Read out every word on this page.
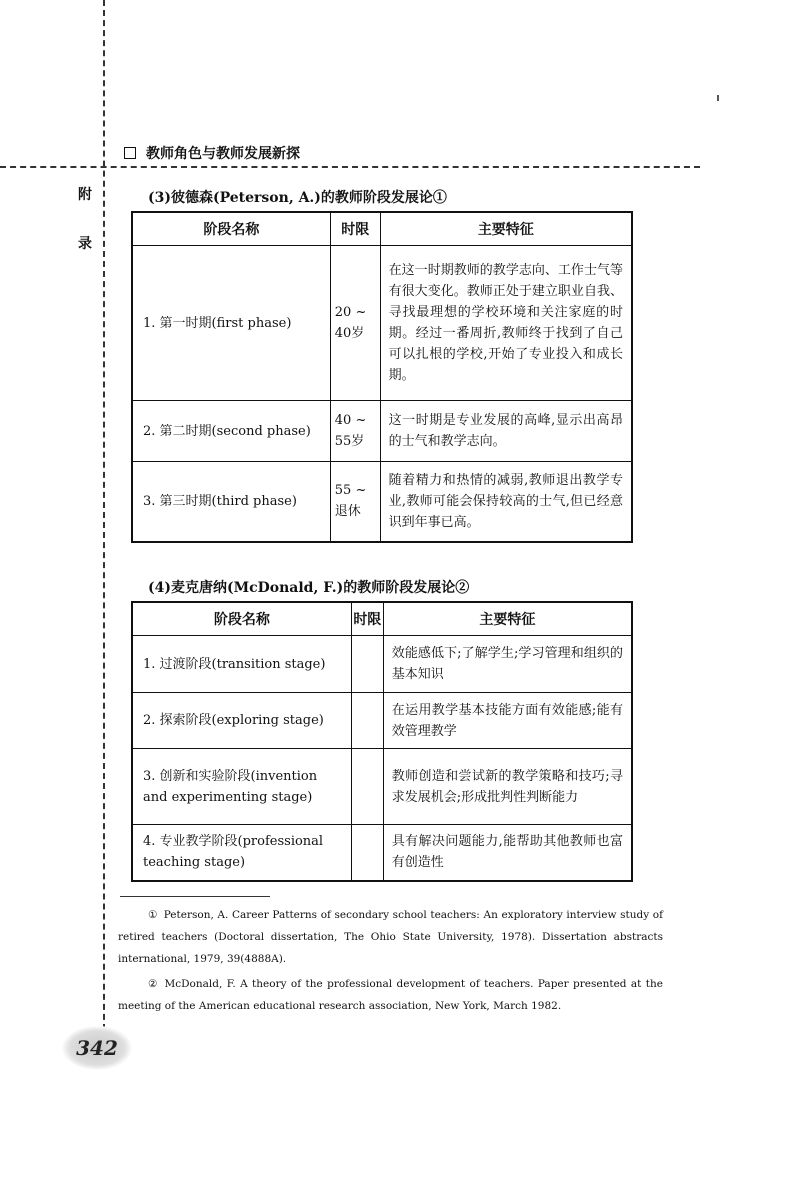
教师角色与教师发展新探
附
录
(3)彼德森(Peterson, A.)的教师阶段发展论①
阶段名称	时限	主要特征
1. 第一时期(first phase)	20 ~ 40岁	在这一时期教师的教学志向、工作士气等有很大变化。教师正处于建立职业自我、寻找最理想的学校环境和关注家庭的时期。经过一番周折,教师终于找到了自己可以扎根的学校,开始了专业投入和成长期。
2. 第二时期(second phase)	40 ~ 55岁	这一时期是专业发展的高峰,显示出高昂的士气和教学志向。
3. 第三时期(third phase)	55 ~ 退休	随着精力和热情的减弱,教师退出教学专业,教师可能会保持较高的士气,但已经意识到年事已高。
(4)麦克唐纳(McDonald, F.)的教师阶段发展论②
阶段名称	时限	主要特征
1. 过渡阶段(transition stage)		效能感低下;了解学生;学习管理和组织的基本知识
2. 探索阶段(exploring stage)		在运用教学基本技能方面有效能感;能有效管理教学
3. 创新和实验阶段(invention and experimenting stage)		教师创造和尝试新的教学策略和技巧;寻求发展机会;形成批判性判断能力
4. 专业教学阶段(professional teaching stage)		具有解决问题能力,能帮助其他教师也富有创造性
① Peterson, A. Career Patterns of secondary school teachers: An exploratory interview study of retired teachers (Doctoral dissertation, The Ohio State University, 1978). Dissertation abstracts international, 1979, 39(4888A).
② McDonald, F. A theory of the professional development of teachers. Paper presented at the meeting of the American educational research association, New York, March 1982.
342
